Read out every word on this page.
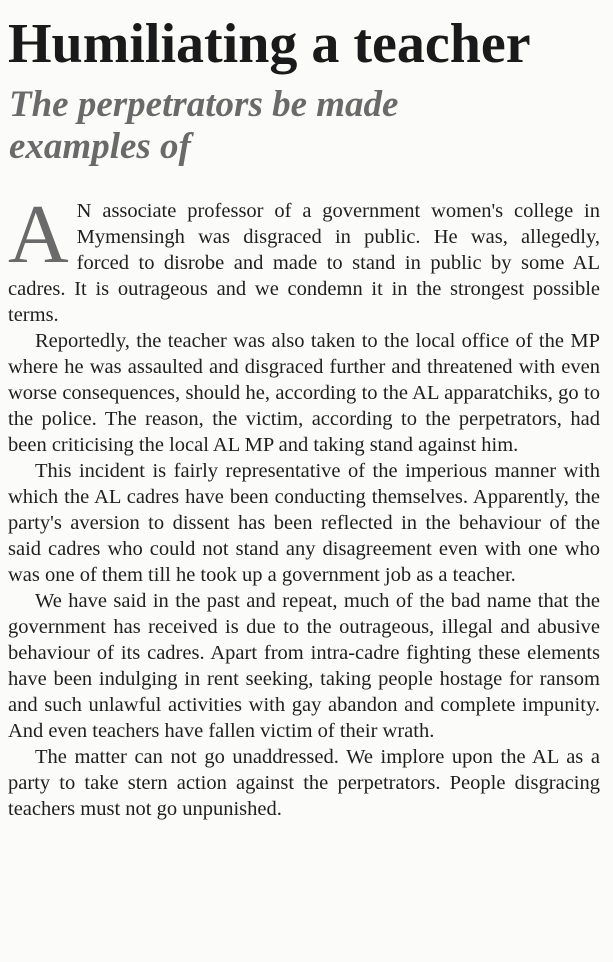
Humiliating a teacher
The perpetrators be made examples of

A N associate professor of a government women's college in Mymensingh was disgraced in public. He was, allegedly, forced to disrobe and made to stand in public by some AL cadres. It is outrageous and we condemn it in the strongest possible terms.

Reportedly, the teacher was also taken to the local office of the MP where he was assaulted and disgraced further and threatened with even worse consequences, should he, according to the AL apparatchiks, go to the police. The reason, the victim, according to the perpetrators, had been criticising the local AL MP and taking stand against him.

This incident is fairly representative of the imperious manner with which the AL cadres have been conducting themselves. Apparently, the party's aversion to dissent has been reflected in the behaviour of the said cadres who could not stand any disagreement even with one who was one of them till he took up a government job as a teacher.

We have said in the past and repeat, much of the bad name that the government has received is due to the outrageous, illegal and abusive behaviour of its cadres. Apart from intra-cadre fighting these elements have been indulging in rent seeking, taking people hostage for ransom and such unlawful activities with gay abandon and complete impunity. And even teachers have fallen victim of their wrath.

The matter can not go unaddressed. We implore upon the AL as a party to take stern action against the perpetrators. People disgracing teachers must not go unpunished.
